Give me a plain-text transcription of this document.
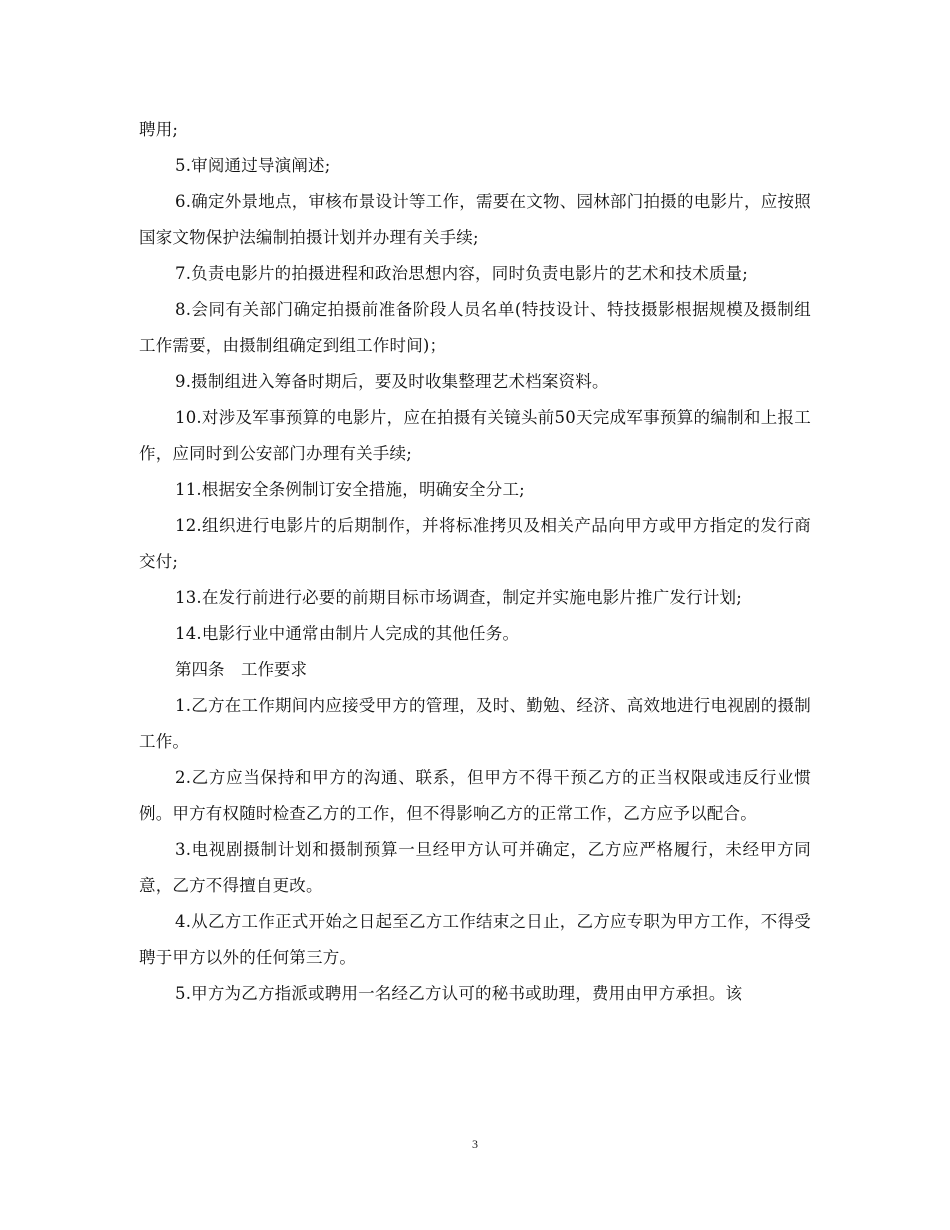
聘用;

5.审阅通过导演阐述;

6.确定外景地点，审核布景设计等工作，需要在文物、园林部门拍摄的电影片，应按照国家文物保护法编制拍摄计划并办理有关手续;

7.负责电影片的拍摄进程和政治思想内容，同时负责电影片的艺术和技术质量;

8.会同有关部门确定拍摄前准备阶段人员名单(特技设计、特技摄影根据规模及摄制组工作需要，由摄制组确定到组工作时间)；

9.摄制组进入筹备时期后，要及时收集整理艺术档案资料。

10.对涉及军事预算的电影片，应在拍摄有关镜头前50天完成军事预算的编制和上报工作，应同时到公安部门办理有关手续;

11.根据安全条例制订安全措施，明确安全分工;

12.组织进行电影片的后期制作，并将标准拷贝及相关产品向甲方或甲方指定的发行商交付;

13.在发行前进行必要的前期目标市场调查，制定并实施电影片推广发行计划;

14.电影行业中通常由制片人完成的其他任务。

第四条　工作要求

1.乙方在工作期间内应接受甲方的管理，及时、勤勉、经济、高效地进行电视剧的摄制工作。

2.乙方应当保持和甲方的沟通、联系，但甲方不得干预乙方的正当权限或违反行业惯例。甲方有权随时检查乙方的工作，但不得影响乙方的正常工作，乙方应予以配合。

3.电视剧摄制计划和摄制预算一旦经甲方认可并确定，乙方应严格履行，未经甲方同意，乙方不得擅自更改。

4.从乙方工作正式开始之日起至乙方工作结束之日止，乙方应专职为甲方工作，不得受聘于甲方以外的任何第三方。

5.甲方为乙方指派或聘用一名经乙方认可的秘书或助理，费用由甲方承担。该

3
